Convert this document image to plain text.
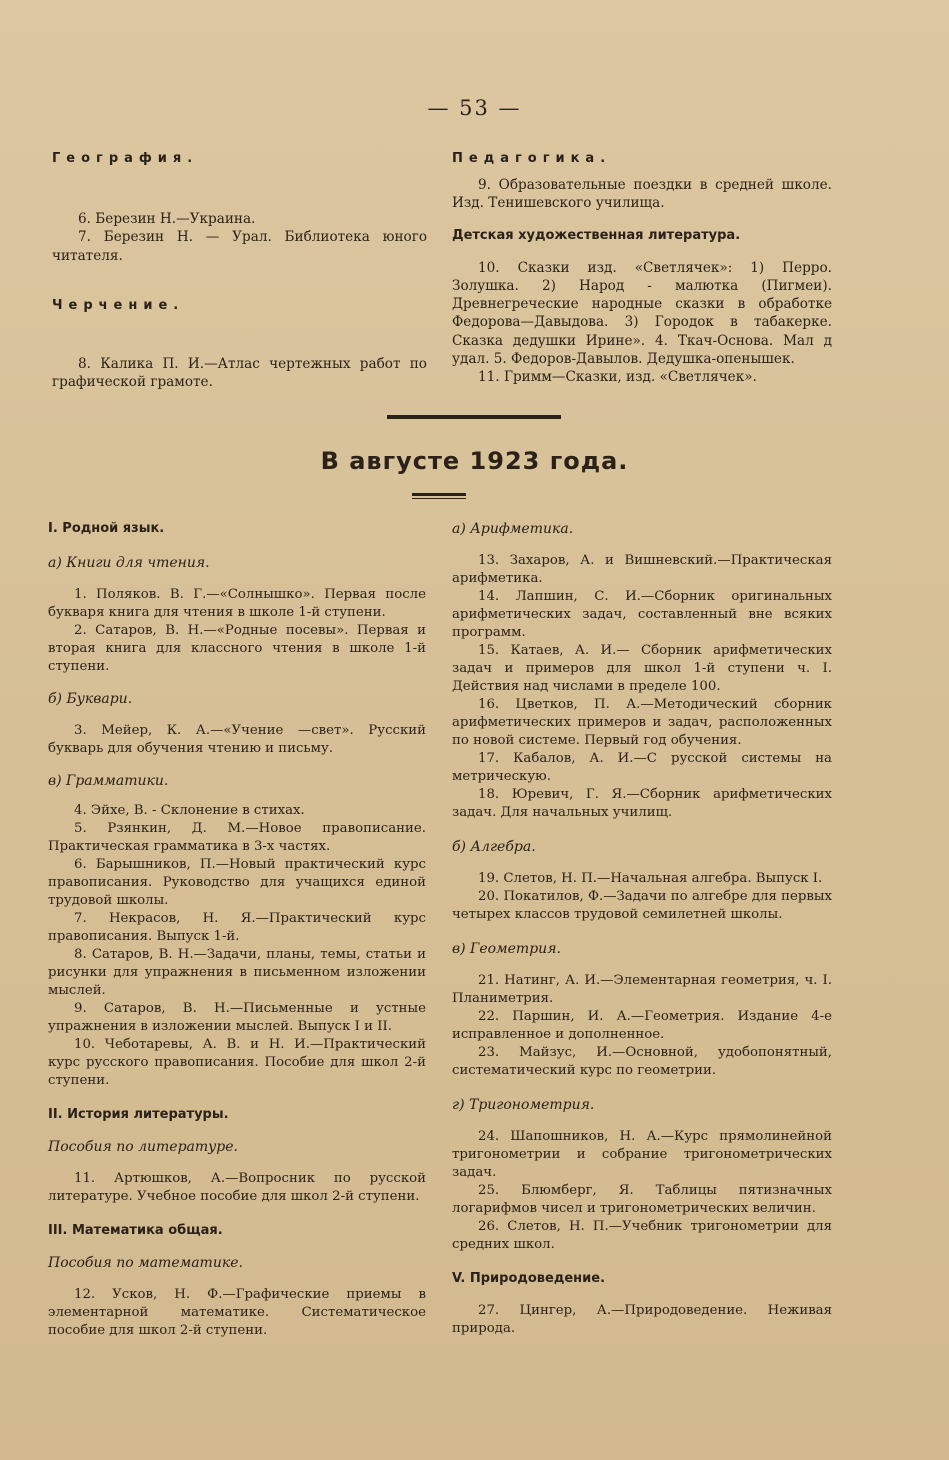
— 53 —

География.

6. Березин Н.—Украина.

7. Березин Н. — Урал. Библиотека юного читателя.

Черчение.

8. Калика П. И.—Атлас чертежных работ по графической грамоте.

Педагогика.

9. Образовательные поездки в средней школе. Изд. Тенишевского училища.

Детская художественная литература.

10. Сказки изд. «Светлячек»: 1) Перро. Золушка. 2) Народ - малютка (Пигмеи). Древнегреческие народные сказки в обработке Федорова—Давыдова. 3) Городок в табакерке. Сказка дедушки Ирине». 4. Ткач-Основа. Мал д удал. 5. Федоров-Давылов. Дедушка-опенышек.

11. Гримм—Сказки, изд. «Светлячек».

В августе 1923 года.

I. Родной язык.

а) Книги для чтения.

1. Поляков. В. Г.—«Солнышко». Первая после букваря книга для чтения в школе 1-й ступени.

2. Сатаров, В. Н.—«Родные посевы». Первая и вторая книга для классного чтения в школе 1-й ступени.

б) Буквари.

3. Мейер, К. А.—«Учение —свет». Русский букварь для обучения чтению и письму.

в) Грамматики.

4. Эйхе, В. - Склонение в стихах.

5. Рзянкин, Д. М.—Новое правописание. Практическая грамматика в 3-х частях.

6. Барышников, П.—Новый практический курс правописания. Руководство для учащихся единой трудовой школы.

7. Некрасов, Н. Я.—Практический курс правописания. Выпуск 1-й.

8. Сатаров, В. Н.—Задачи, планы, темы, статьи и рисунки для упражнения в письменном изложении мыслей.

9. Сатаров, В. Н.—Письменные и устные упражнения в изложении мыслей. Выпуск I и II.

10. Чеботаревы, А. В. и Н. И.—Практический курс русского правописания. Пособие для школ 2-й ступени.

II. История литературы.

Пособия по литературе.

11. Артюшков, А.—Вопросник по русской литературе. Учебное пособие для школ 2-й ступени.

III. Математика общая.

Пособия по математике.

12. Усков, Н. Ф.—Графические приемы в элементарной математике. Систематическое пособие для школ 2-й ступени.

а) Арифметика.

13. Захаров, А. и Вишневский.—Практическая арифметика.

14. Лапшин, С. И.—Сборник оригинальных арифметических задач, составленный вне всяких программ.

15. Катаев, А. И.— Сборник арифметических задач и примеров для школ 1-й ступени ч. I. Действия над числами в пределе 100.

16. Цветков, П. А.—Методический сборник арифметических примеров и задач, расположенных по новой системе. Первый год обучения.

17. Кабалов, А. И.—С русской системы на метрическую.

18. Юревич, Г. Я.—Сборник арифметических задач. Для начальных училищ.

б) Алгебра.

19. Слетов, Н. П.—Начальная алгебра. Выпуск I.

20. Покатилов, Ф.—Задачи по алгебре для первых четырех классов трудовой семилетней школы.

в) Геометрия.

21. Натинг, А. И.—Элементарная геометрия, ч. I. Планиметрия.

22. Паршин, И. А.—Геометрия. Издание 4-е исправленное и дополненное.

23. Майзус, И.—Основной, удобопонятный, систематический курс по геометрии.

г) Тригонометрия.

24. Шапошников, Н. А.—Курс прямолинейной тригонометрии и собрание тригонометрических задач.

25. Блюмберг, Я. Таблицы пятизначных логарифмов чисел и тригонометрических величин.

26. Слетов, Н. П.—Учебник тригонометрии для средних школ.

V. Природоведение.

27. Цингер, А.—Природоведение. Неживая природа.
